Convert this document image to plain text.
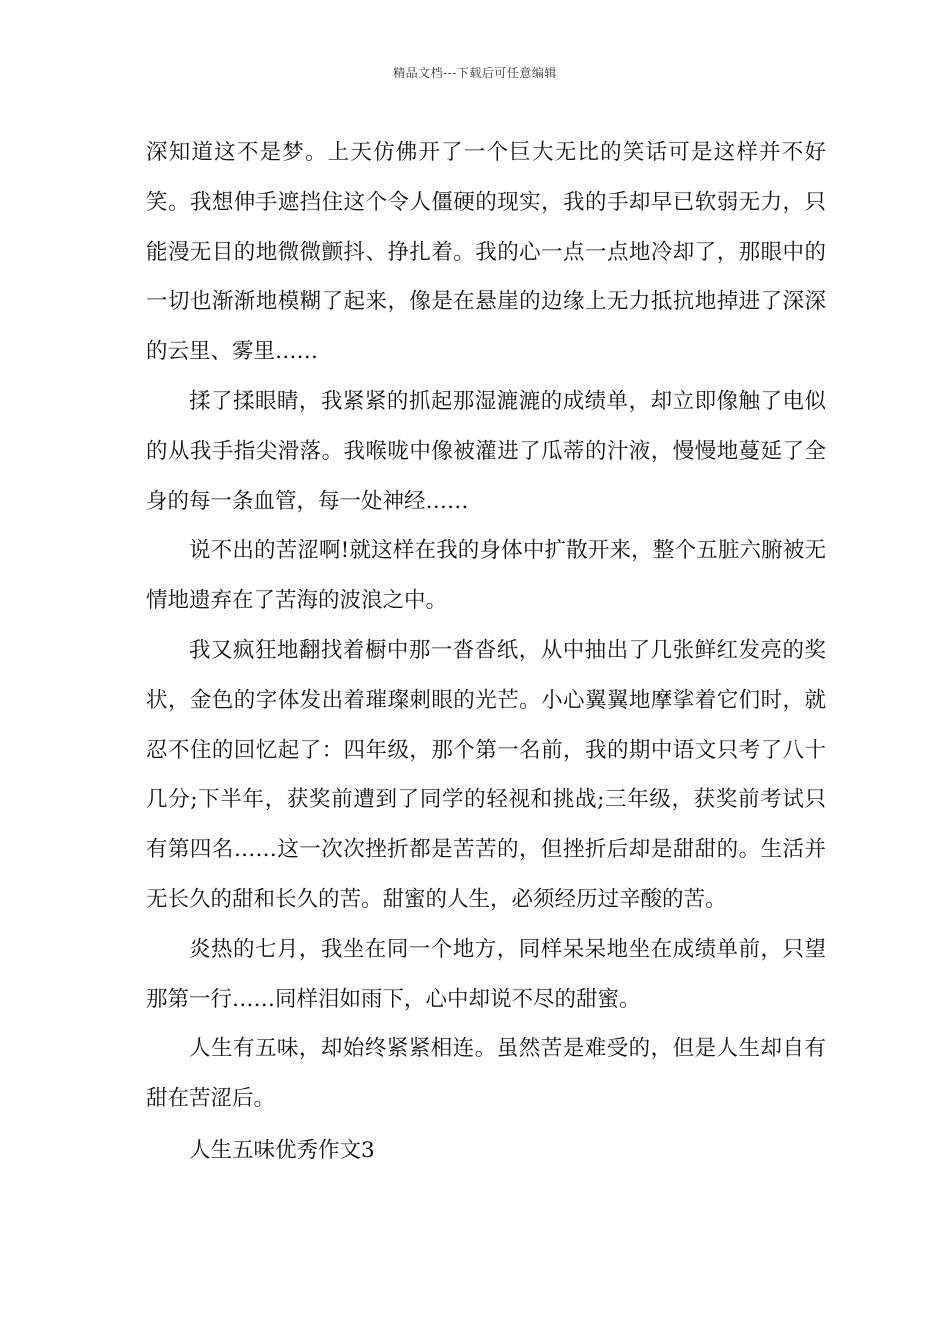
精品文档---下载后可任意编辑

深知道这不是梦。上天仿佛开了一个巨大无比的笑话可是这样并不好笑。我想伸手遮挡住这个令人僵硬的现实，我的手却早已软弱无力，只能漫无目的地微微颤抖、挣扎着。我的心一点一点地冷却了，那眼中的一切也渐渐地模糊了起来，像是在悬崖的边缘上无力抵抗地掉进了深深的云里、雾里……

揉了揉眼睛，我紧紧的抓起那湿漉漉的成绩单，却立即像触了电似的从我手指尖滑落。我喉咙中像被灌进了瓜蒂的汁液，慢慢地蔓延了全身的每一条血管，每一处神经……

说不出的苦涩啊!就这样在我的身体中扩散开来，整个五脏六腑被无情地遗弃在了苦海的波浪之中。

我又疯狂地翻找着橱中那一沓沓纸，从中抽出了几张鲜红发亮的奖状，金色的字体发出着璀璨刺眼的光芒。小心翼翼地摩挲着它们时，就忍不住的回忆起了：四年级，那个第一名前，我的期中语文只考了八十几分;下半年，获奖前遭到了同学的轻视和挑战;三年级，获奖前考试只有第四名……这一次次挫折都是苦苦的，但挫折后却是甜甜的。生活并无长久的甜和长久的苦。甜蜜的人生，必须经历过辛酸的苦。

炎热的七月，我坐在同一个地方，同样呆呆地坐在成绩单前，只望那第一行……同样泪如雨下，心中却说不尽的甜蜜。

人生有五味，却始终紧紧相连。虽然苦是难受的，但是人生却自有甜在苦涩后。

人生五味优秀作文3
